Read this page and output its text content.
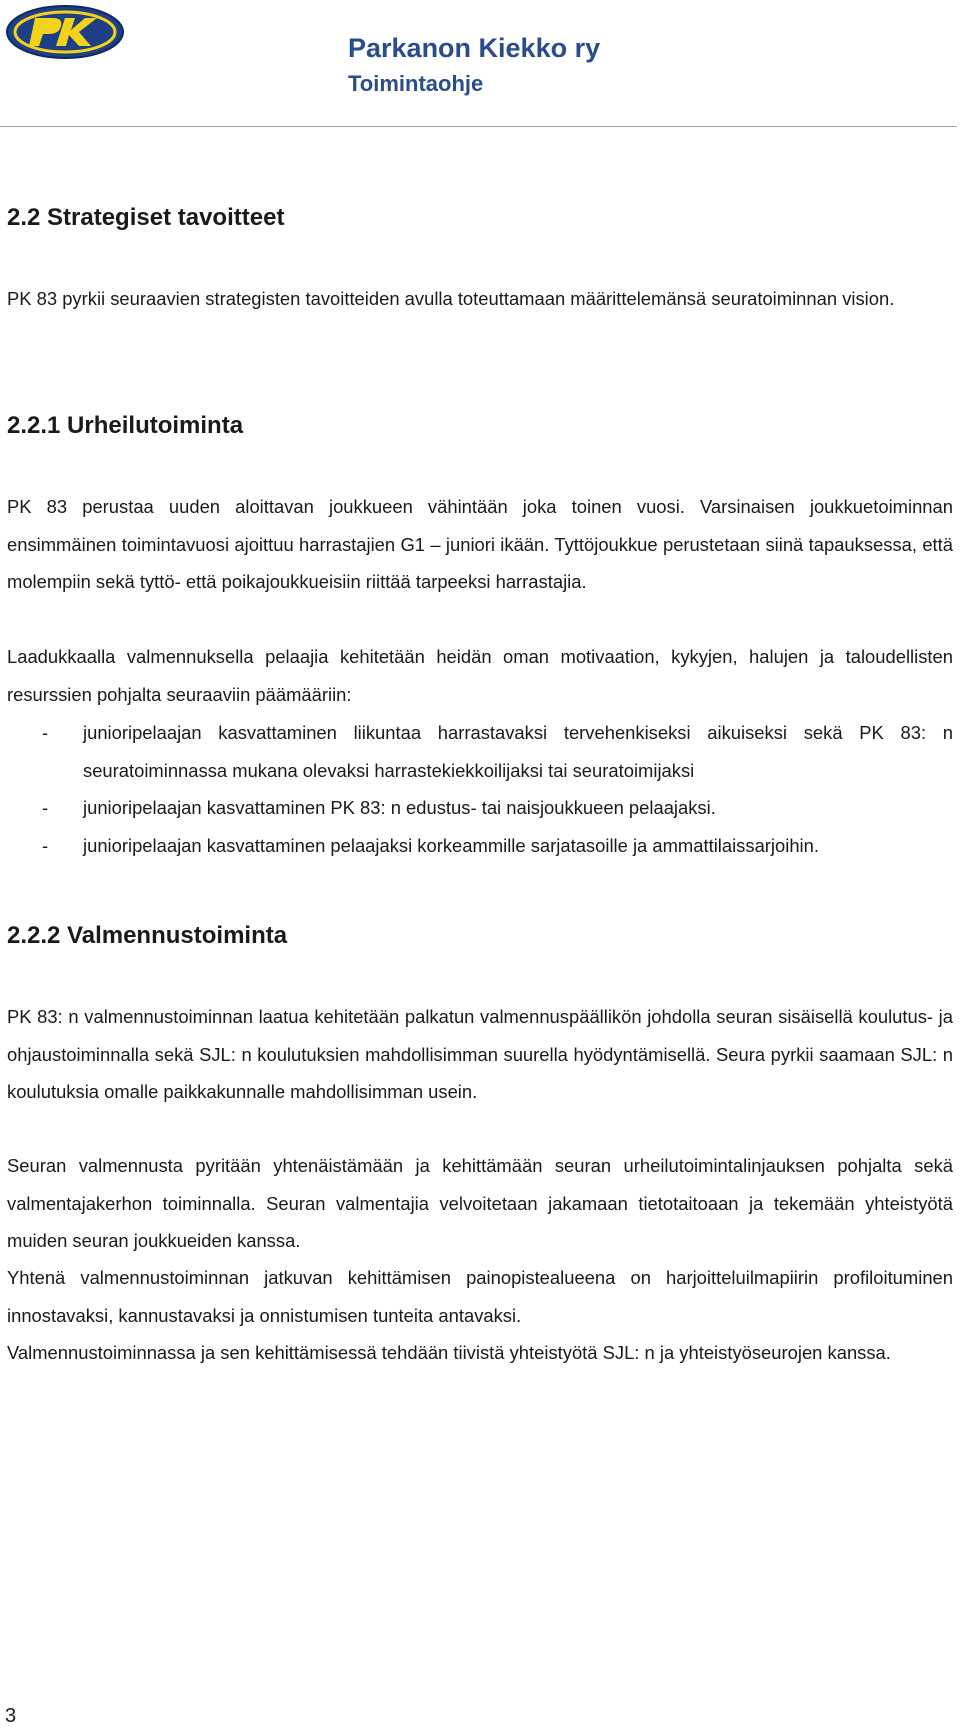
Parkanon Kiekko ry
Toimintaohje
2.2 Strategiset tavoitteet

PK 83 pyrkii seuraavien strategisten tavoitteiden avulla toteuttamaan määrittelemänsä seuratoiminnan vision.

2.2.1 Urheilutoiminta

PK 83 perustaa uuden aloittavan joukkueen vähintään joka toinen vuosi. Varsinaisen joukkuetoiminnan ensimmäinen toimintavuosi ajoittuu harrastajien G1 – juniori ikään. Tyttöjoukkue perustetaan siinä tapauksessa, että molempiin sekä tyttö- että poikajoukkueisiin riittää tarpeeksi harrastajia.

Laadukkaalla valmennuksella pelaajia kehitetään heidän oman motivaation, kykyjen, halujen ja taloudellisten resurssien pohjalta seuraaviin päämääriin:

- junioripelaajan kasvattaminen liikuntaa harrastavaksi tervehenkiseksi aikuiseksi sekä PK 83: n seuratoiminnassa mukana olevaksi harrastekiekkoilijaksi tai seuratoimijaksi
- junioripelaajan kasvattaminen PK 83: n edustus- tai naisjoukkueen pelaajaksi.
- junioripelaajan kasvattaminen pelaajaksi korkeammille sarjatasoille ja ammattilaissarjoihin.
2.2.2 Valmennustoiminta

PK 83: n valmennustoiminnan laatua kehitetään palkatun valmennuspäällikön johdolla seuran sisäisellä koulutus- ja ohjaustoiminnalla sekä SJL: n koulutuksien mahdollisimman suurella hyödyntämisellä. Seura pyrkii saamaan SJL: n koulutuksia omalle paikkakunnalle mahdollisimman usein.

Seuran valmennusta pyritään yhtenäistämään ja kehittämään seuran urheilutoimintalinjauksen pohjalta sekä valmentajakerhon toiminnalla. Seuran valmentajia velvoitetaan jakamaan tietotaitoaan ja tekemään yhteistyötä muiden seuran joukkueiden kanssa.

Yhtenä valmennustoiminnan jatkuvan kehittämisen painopistealueena on harjoitteluilmapiirin profiloituminen innostavaksi, kannustavaksi ja onnistumisen tunteita antavaksi.

Valmennustoiminnassa ja sen kehittämisessä tehdään tiivistä yhteistyötä SJL: n ja yhteistyöseurojen kanssa.

3
